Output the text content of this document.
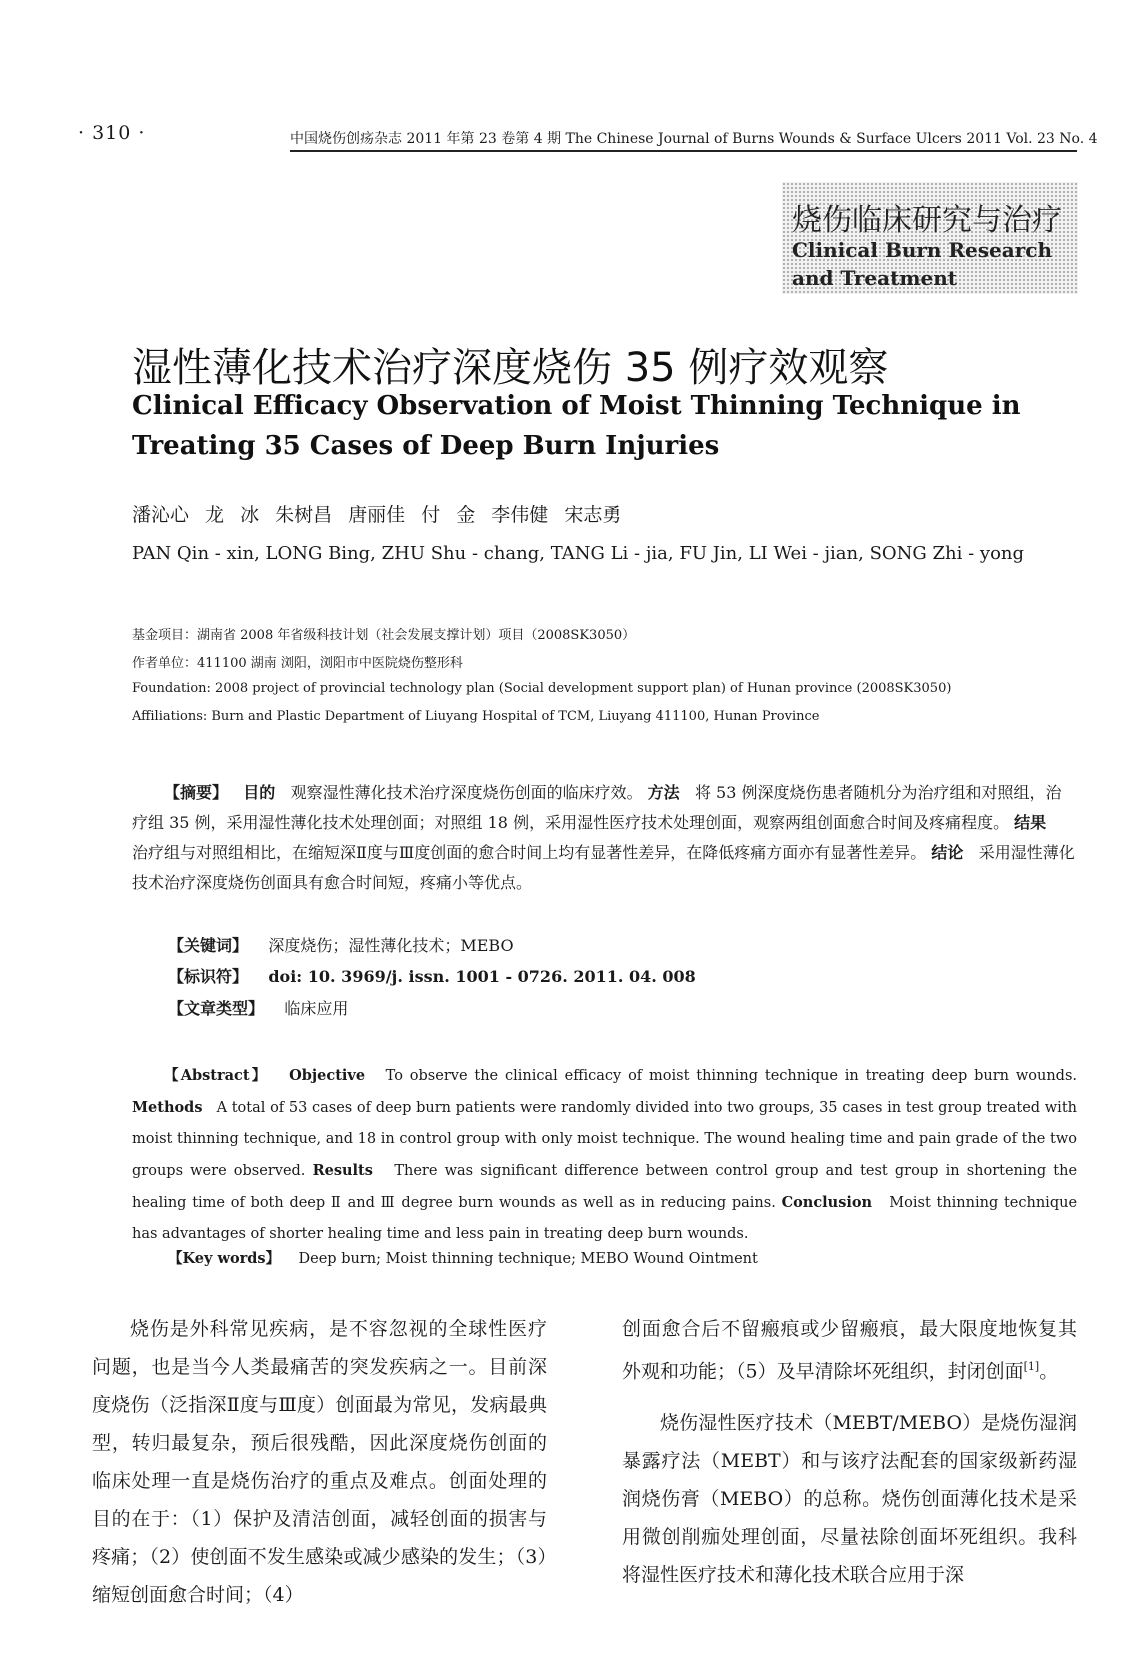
· 310 ·	中国烧伤创疡杂志 2011 年第 23 卷第 4 期 The Chinese Journal of Burns Wounds & Surface Ulcers 2011 Vol. 23 No. 4
烧伤临床研究与治疗
Clinical Burn Research and Treatment
湿性薄化技术治疗深度烧伤 35 例疗效观察
Clinical Efficacy Observation of Moist Thinning Technique in Treating 35 Cases of Deep Burn Injuries
潘沁心 龙 冰 朱树昌 唐丽佳 付 金 李伟健 宋志勇
PAN Qin - xin, LONG Bing, ZHU Shu - chang, TANG Li - jia, FU Jin, LI Wei - jian, SONG Zhi - yong
基金项目：湖南省 2008 年省级科技计划（社会发展支撑计划）项目（2008SK3050）
作者单位：411100 湖南 浏阳，浏阳市中医院烧伤整形科
Foundation: 2008 project of provincial technology plan (Social development support plan) of Hunan province (2008SK3050)
Affiliations: Burn and Plastic Department of Liuyang Hospital of TCM, Liuyang 411100, Hunan Province
【摘要】 目的 观察湿性薄化技术治疗深度烧伤创面的临床疗效。 方法 将 53 例深度烧伤患者随机分为治疗组和对照组，治疗组 35 例，采用湿性薄化技术处理创面；对照组 18 例，采用湿性医疗技术处理创面，观察两组创面愈合时间及疼痛程度。 结果   治疗组与对照组相比，在缩短深Ⅱ度与Ⅲ度创面的愈合时间上均有显著性差异，在降低疼痛方面亦有显著性差异。 结论 采用湿性薄化技术治疗深度烧伤创面具有愈合时间短，疼痛小等优点。
【关键词】 深度烧伤；湿性薄化技术；MEBO
【标识符】 doi: 10. 3969/j. issn. 1001 - 0726. 2011. 04. 008
【文章类型】 临床应用
【Abstract】 Objective To observe the clinical efficacy of moist thinning technique in treating deep burn wounds. Methods A total of 53 cases of deep burn patients were randomly divided into two groups, 35 cases in test group treated with moist thinning technique, and 18 in control group with only moist technique. The wound healing time and pain grade of the two groups were observed. Results There was significant difference between control group and test group in shortening the healing time of both deep Ⅱ and Ⅲ degree burn wounds as well as in reducing pains. Conclusion Moist thinning technique has advantages of shorter healing time and less pain in treating deep burn wounds.
【Key words】 Deep burn; Moist thinning technique; MEBO Wound Ointment

烧伤是外科常见疾病，是不容忽视的全球性医疗问题，也是当今人类最痛苦的突发疾病之一。目前深度烧伤（泛指深Ⅱ度与Ⅲ度）创面最为常见，发病最典型，转归最复杂，预后很残酷，因此深度烧伤创面的临床处理一直是烧伤治疗的重点及难点。创面处理的目的在于：（1）保护及清洁创面，减轻创面的损害与疼痛；（2）使创面不发生感染或减少感染的发生；（3）缩短创面愈合时间；（4）

创面愈合后不留瘢痕或少留瘢痕，最大限度地恢复其外观和功能；（5）及早清除坏死组织，封闭创面[1]。

烧伤湿性医疗技术（MEBT/MEBO）是烧伤湿润暴露疗法（MEBT）和与该疗法配套的国家级新药湿润烧伤膏（MEBO）的总称。烧伤创面薄化技术是采用微创削痂处理创面，尽量祛除创面坏死组织。我科将湿性医疗技术和薄化技术联合应用于深
